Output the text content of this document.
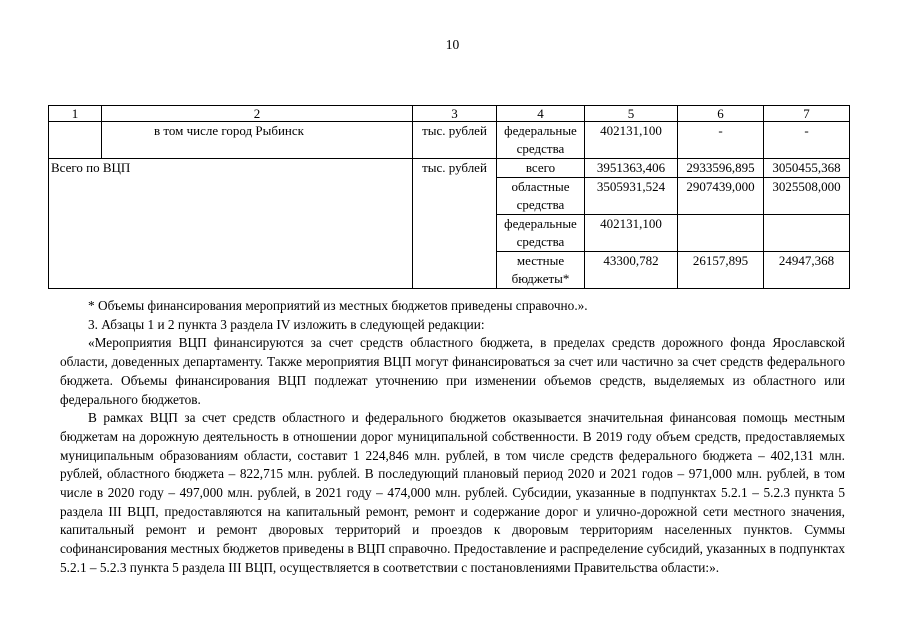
10
1	2	3	4	5	6	7
	в том числе город Рыбинск	тыс. рублей	федеральные средства	402131,100	-	-
Всего по ВЦП		тыс. рублей	всего	3951363,406	2933596,895	3050455,368
			областные средства	3505931,524	2907439,000	3025508,000
			федеральные средства	402131,100		
			местные бюджеты*	43300,782	26157,895	24947,368

* Объемы финансирования мероприятий из местных бюджетов приведены справочно.».

3. Абзацы 1 и 2 пункта 3 раздела IV изложить в следующей редакции:

«Мероприятия ВЦП финансируются за счет средств областного бюджета, в пределах средств дорожного фонда Ярославской области, доведенных департаменту. Также мероприятия ВЦП могут финансироваться за счет или частично за счет средств федерального бюджета. Объемы финансирования ВЦП подлежат уточнению при изменении объемов средств, выделяемых из областного или федерального бюджетов.

В рамках ВЦП за счет средств областного и федерального бюджетов оказывается значительная финансовая помощь местным бюджетам на дорожную деятельность в отношении дорог муниципальной собственности. В 2019 году объем средств, предоставляемых муниципальным образованиям области, составит 1 224,846 млн. рублей, в том числе средств федерального бюджета – 402,131 млн. рублей, областного бюджета – 822,715 млн. рублей. В последующий плановый период 2020 и 2021 годов – 971,000 млн. рублей, в том числе в 2020 году – 497,000 млн. рублей, в 2021 году – 474,000 млн. рублей. Субсидии, указанные в подпунктах 5.2.1 – 5.2.3 пункта 5 раздела III ВЦП, предоставляются на капитальный ремонт, ремонт и содержание дорог и улично-дорожной сети местного значения, капитальный ремонт и ремонт дворовых территорий и проездов к дворовым территориям населенных пунктов. Суммы софинансирования местных бюджетов приведены в ВЦП справочно. Предоставление и распределение субсидий, указанных в подпунктах 5.2.1 – 5.2.3 пункта 5 раздела III ВЦП, осуществляется в соответствии с постановлениями Правительства области:».
